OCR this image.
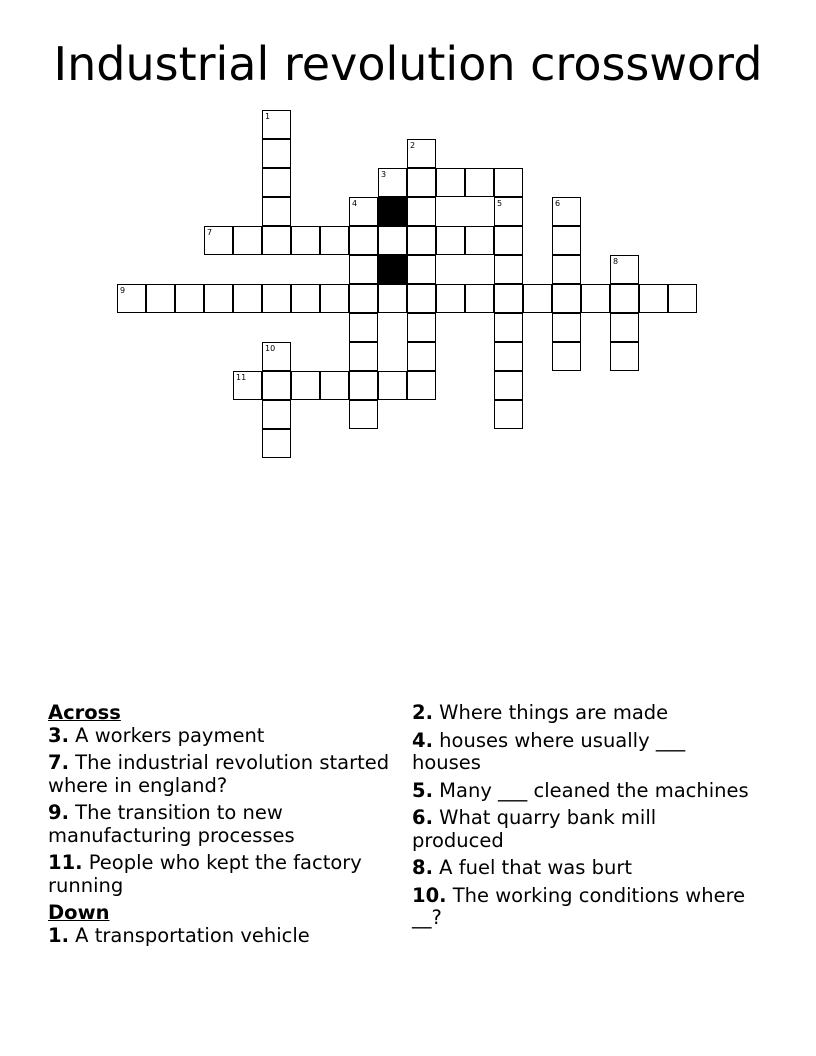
Industrial revolution crossword
1
2
3
4	5	6
7
8
9
10
11

Across

3. A workers payment

7. The industrial revolution started where in england?

9. The transition to new manufacturing processes

11. People who kept the factory running

Down

1. A transportation vehicle

2. Where things are made

4. houses where usually ___ houses

5. Many ___ cleaned the machines

6. What quarry bank mill produced

8. A fuel that was burt

10. The working conditions where __?
